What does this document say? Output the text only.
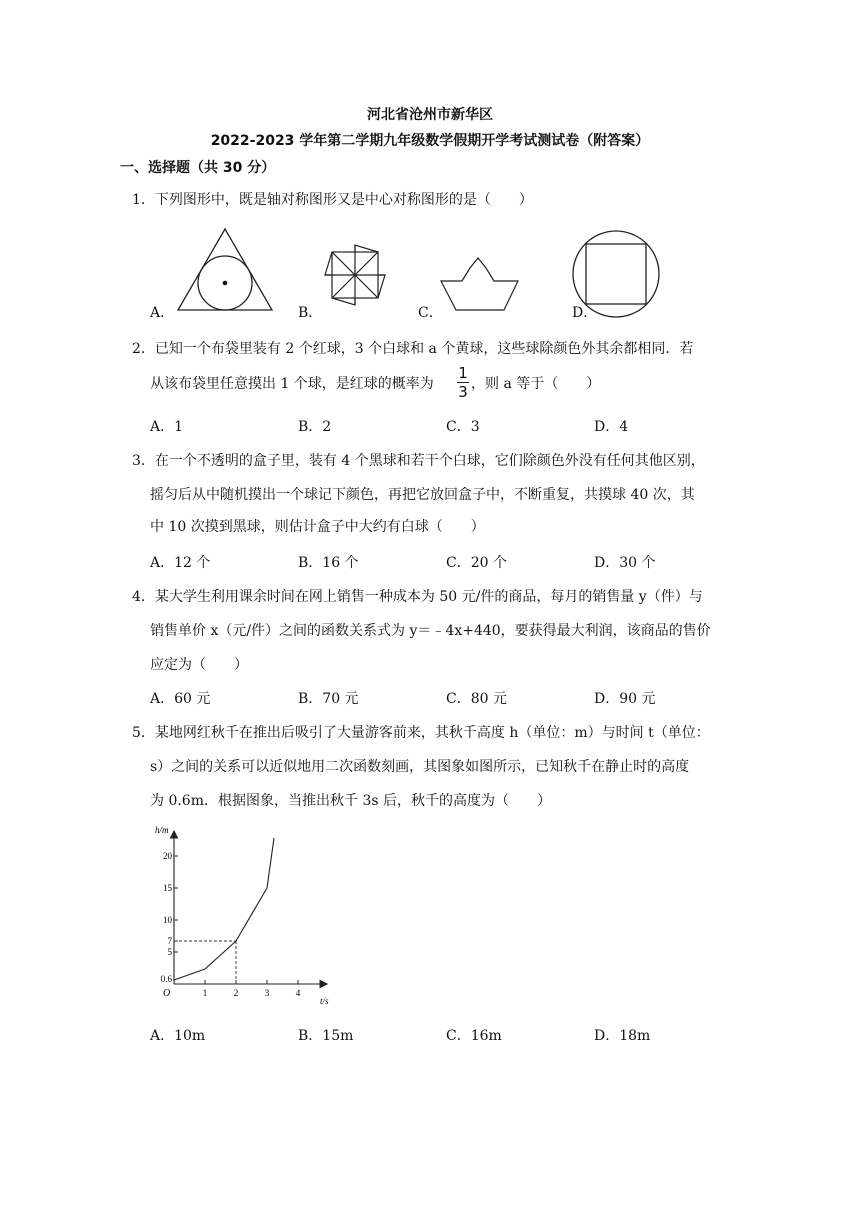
河北省沧州市新华区
2022-2023 学年第二学期九年级数学假期开学考试测试卷（附答案）
一、选择题（共 30 分）
1．下列图形中，既是轴对称图形又是中心对称图形的是（　　）
A．	B．	C．	D．
2．已知一个布袋里装有 2 个红球，3 个白球和 a 个黄球，这些球除颜色外其余都相同．若
从该布袋里任意摸出 1 个球，是红球的概率为
1
3 ，则 a 等于（　　）
A．1	B．2	C．3	D．4
3．在一个不透明的盒子里，装有 4 个黑球和若干个白球，它们除颜色外没有任何其他区别，
摇匀后从中随机摸出一个球记下颜色，再把它放回盒子中，不断重复，共摸球 40 次，其
中 10 次摸到黑球，则估计盒子中大约有白球（　　）
A．12 个	B．16 个	C．20 个	D．30 个
4．某大学生利用课余时间在网上销售一种成本为 50 元/件的商品，每月的销售量 y（件）与
销售单价 x（元/件）之间的函数关系式为 y＝﹣4x+440，要获得最大利润，该商品的售价
应定为（　　）
A．60 元	B．70 元	C．80 元	D．90 元
5．某地网红秋千在推出后吸引了大量游客前来，其秋千高度 h（单位：m）与时间 t（单位：
s）之间的关系可以近似地用二次函数刻画，其图象如图所示，已知秋千在静止时的高度
为 0.6m．根据图象，当推出秋千 3s 后，秋千的高度为（　　）
h/m
t/s
O
0.6
5
7
10
15
20
1	2	3	4
A．10m	B．15m	C．16m	D．18m
